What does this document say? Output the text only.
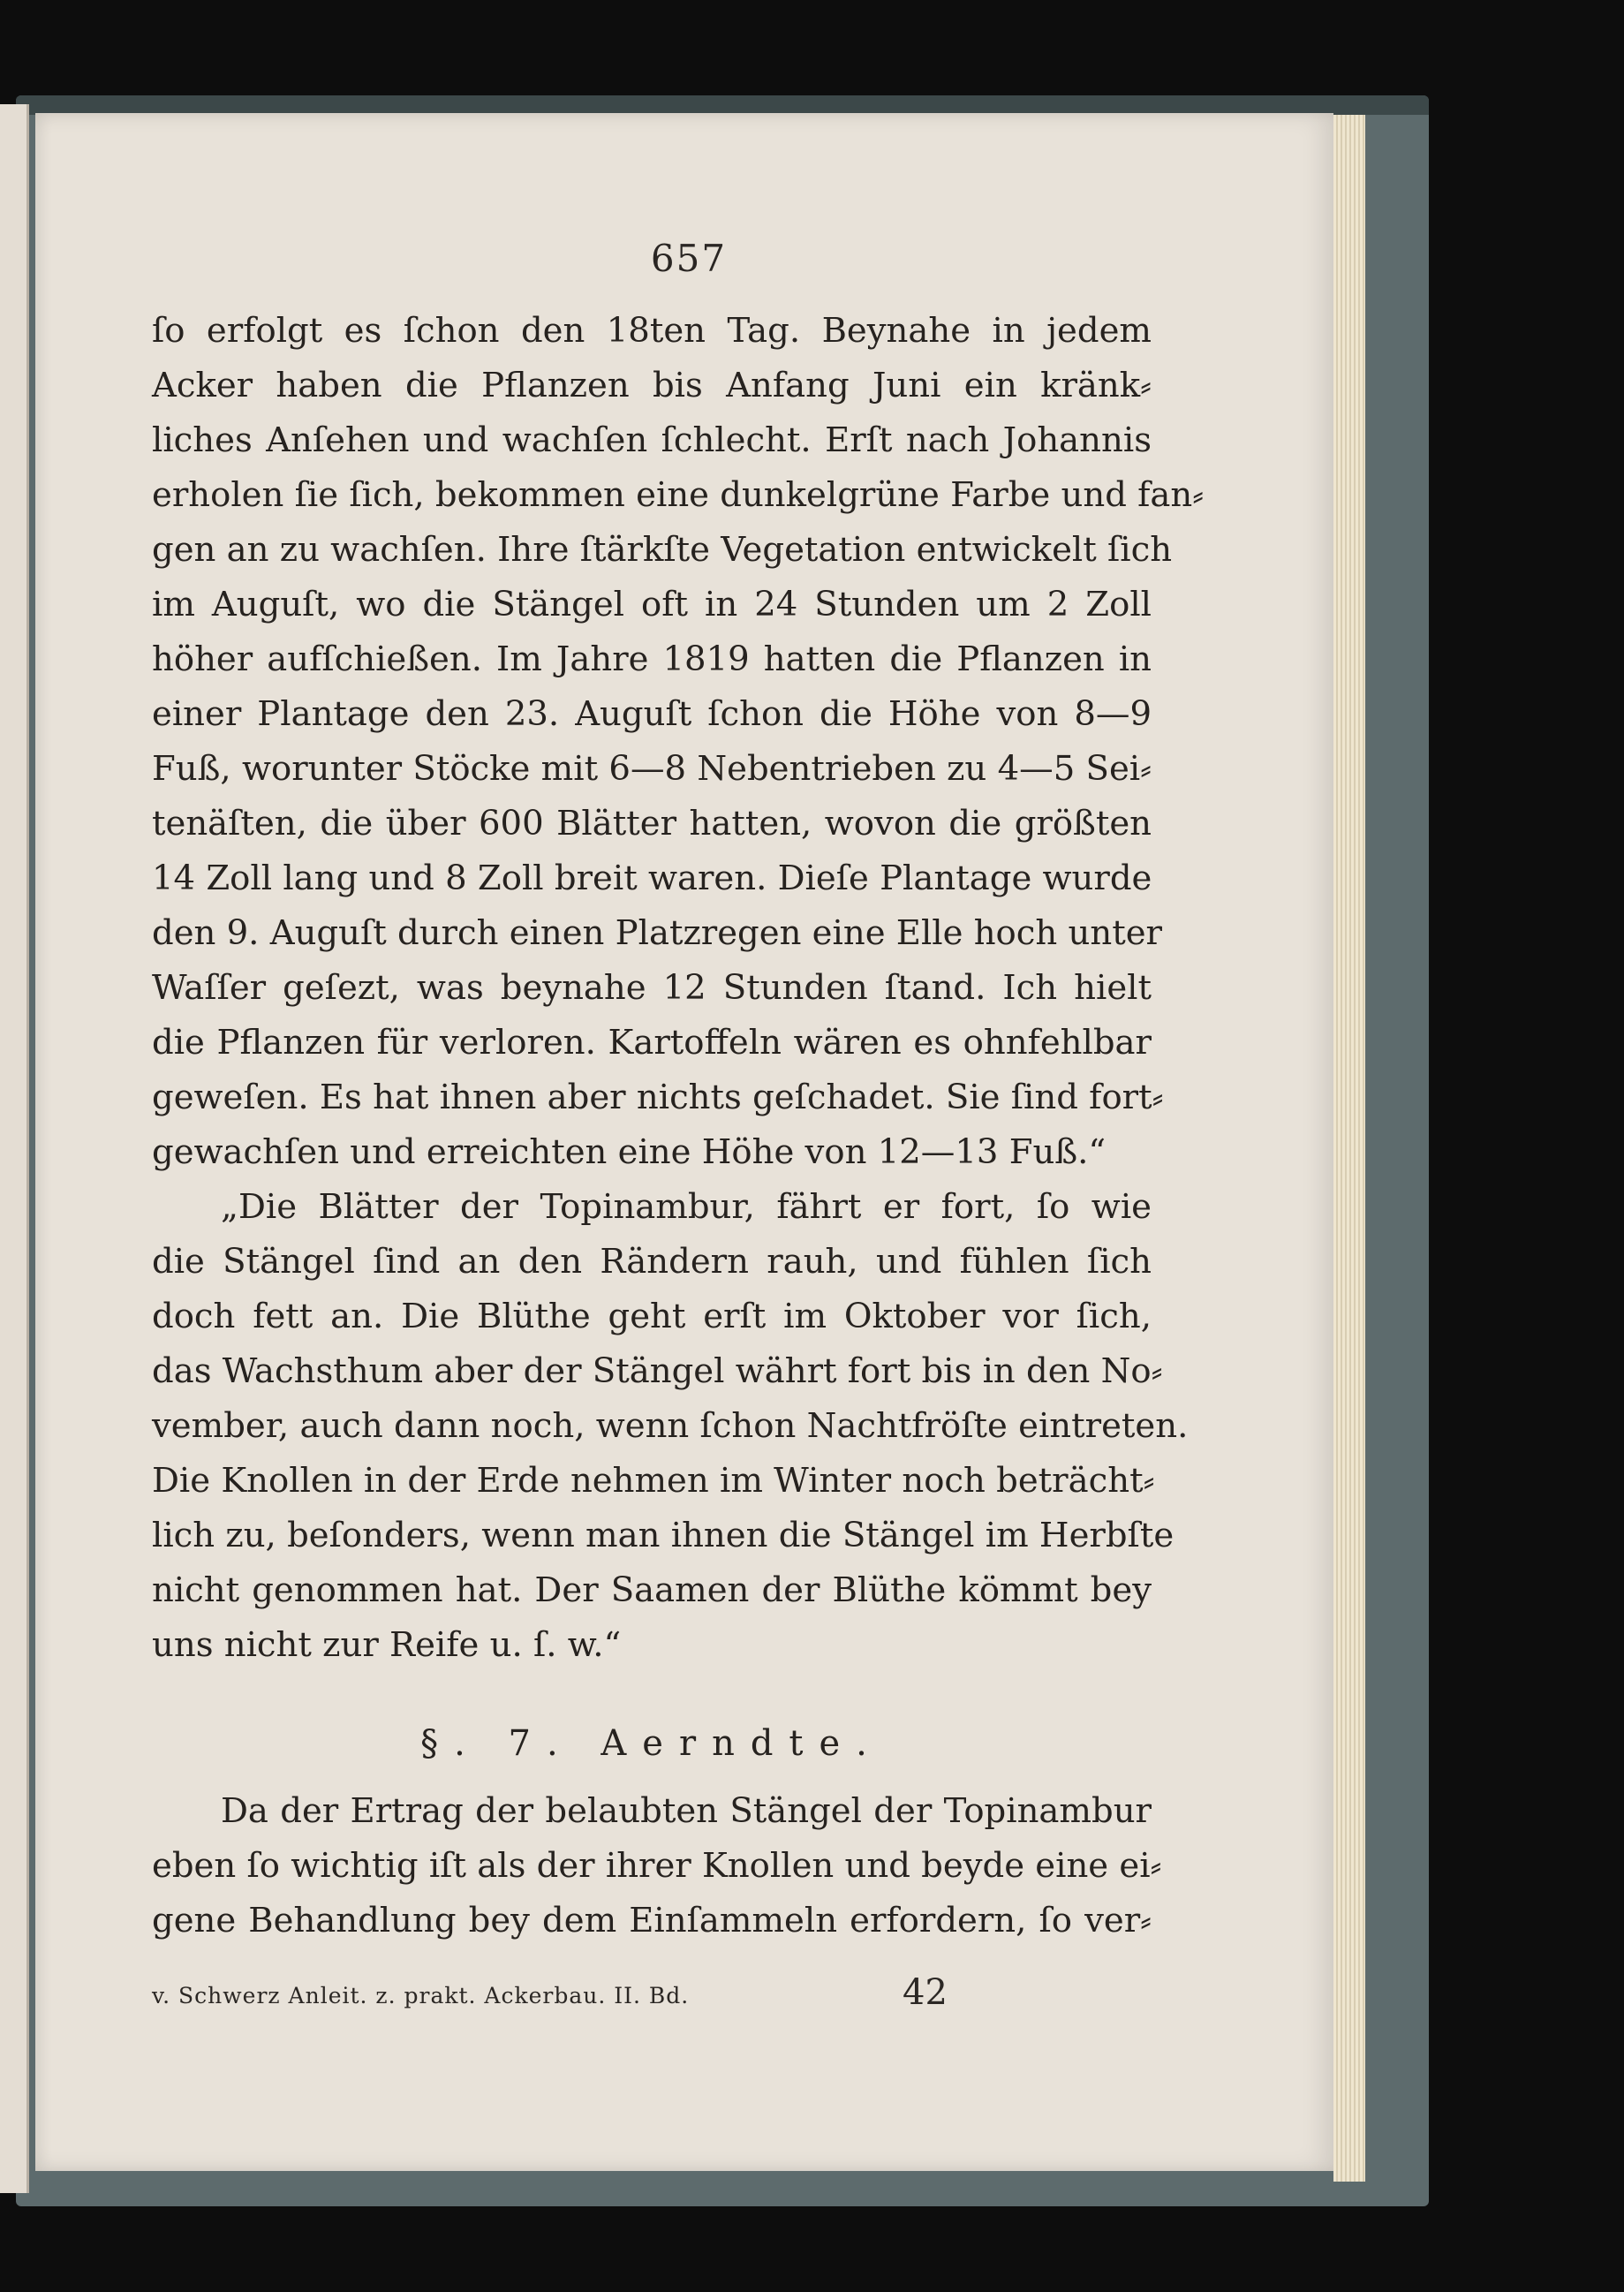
657
ſo erfolgt es ſchon den 18ten Tag. Beynahe in jedem
Acker haben die Pflanzen bis Anfang Juni ein kränk⸗
liches Anſehen und wachſen ſchlecht. Erſt nach Johannis
erholen ſie ſich, bekommen eine dunkelgrüne Farbe und fan⸗
gen an zu wachſen. Ihre ſtärkſte Vegetation entwickelt ſich
im Auguſt, wo die Stängel oft in 24 Stunden um 2 Zoll
höher aufſchießen. Im Jahre 1819 hatten die Pflanzen in
einer Plantage den 23. Auguſt ſchon die Höhe von 8—9
Fuß, worunter Stöcke mit 6—8 Nebentrieben zu 4—5 Sei⸗
tenäſten, die über 600 Blätter hatten, wovon die größten
14 Zoll lang und 8 Zoll breit waren. Dieſe Plantage wurde
den 9. Auguſt durch einen Platzregen eine Elle hoch unter
Waſſer geſezt, was beynahe 12 Stunden ſtand. Ich hielt
die Pflanzen für verloren. Kartoffeln wären es ohnfehlbar
geweſen. Es hat ihnen aber nichts geſchadet. Sie ſind fort⸗
gewachſen und erreichten eine Höhe von 12—13 Fuß.“
„Die Blätter der Topinambur, fährt er fort, ſo wie
die Stängel ſind an den Rändern rauh, und fühlen ſich
doch fett an. Die Blüthe geht erſt im Oktober vor ſich,
das Wachsthum aber der Stängel währt fort bis in den No⸗
vember, auch dann noch, wenn ſchon Nachtfröſte eintreten.
Die Knollen in der Erde nehmen im Winter noch beträcht⸗
lich zu, beſonders, wenn man ihnen die Stängel im Herbſte
nicht genommen hat. Der Saamen der Blüthe kömmt bey
uns nicht zur Reife u. ſ. w.“
§. 7. Aerndte.
Da der Ertrag der belaubten Stängel der Topinambur
eben ſo wichtig iſt als der ihrer Knollen und beyde eine ei⸗
gene Behandlung bey dem Einſammeln erfordern, ſo ver⸗
v. Schwerz Anleit. z. prakt. Ackerbau. II. Bd.	42
